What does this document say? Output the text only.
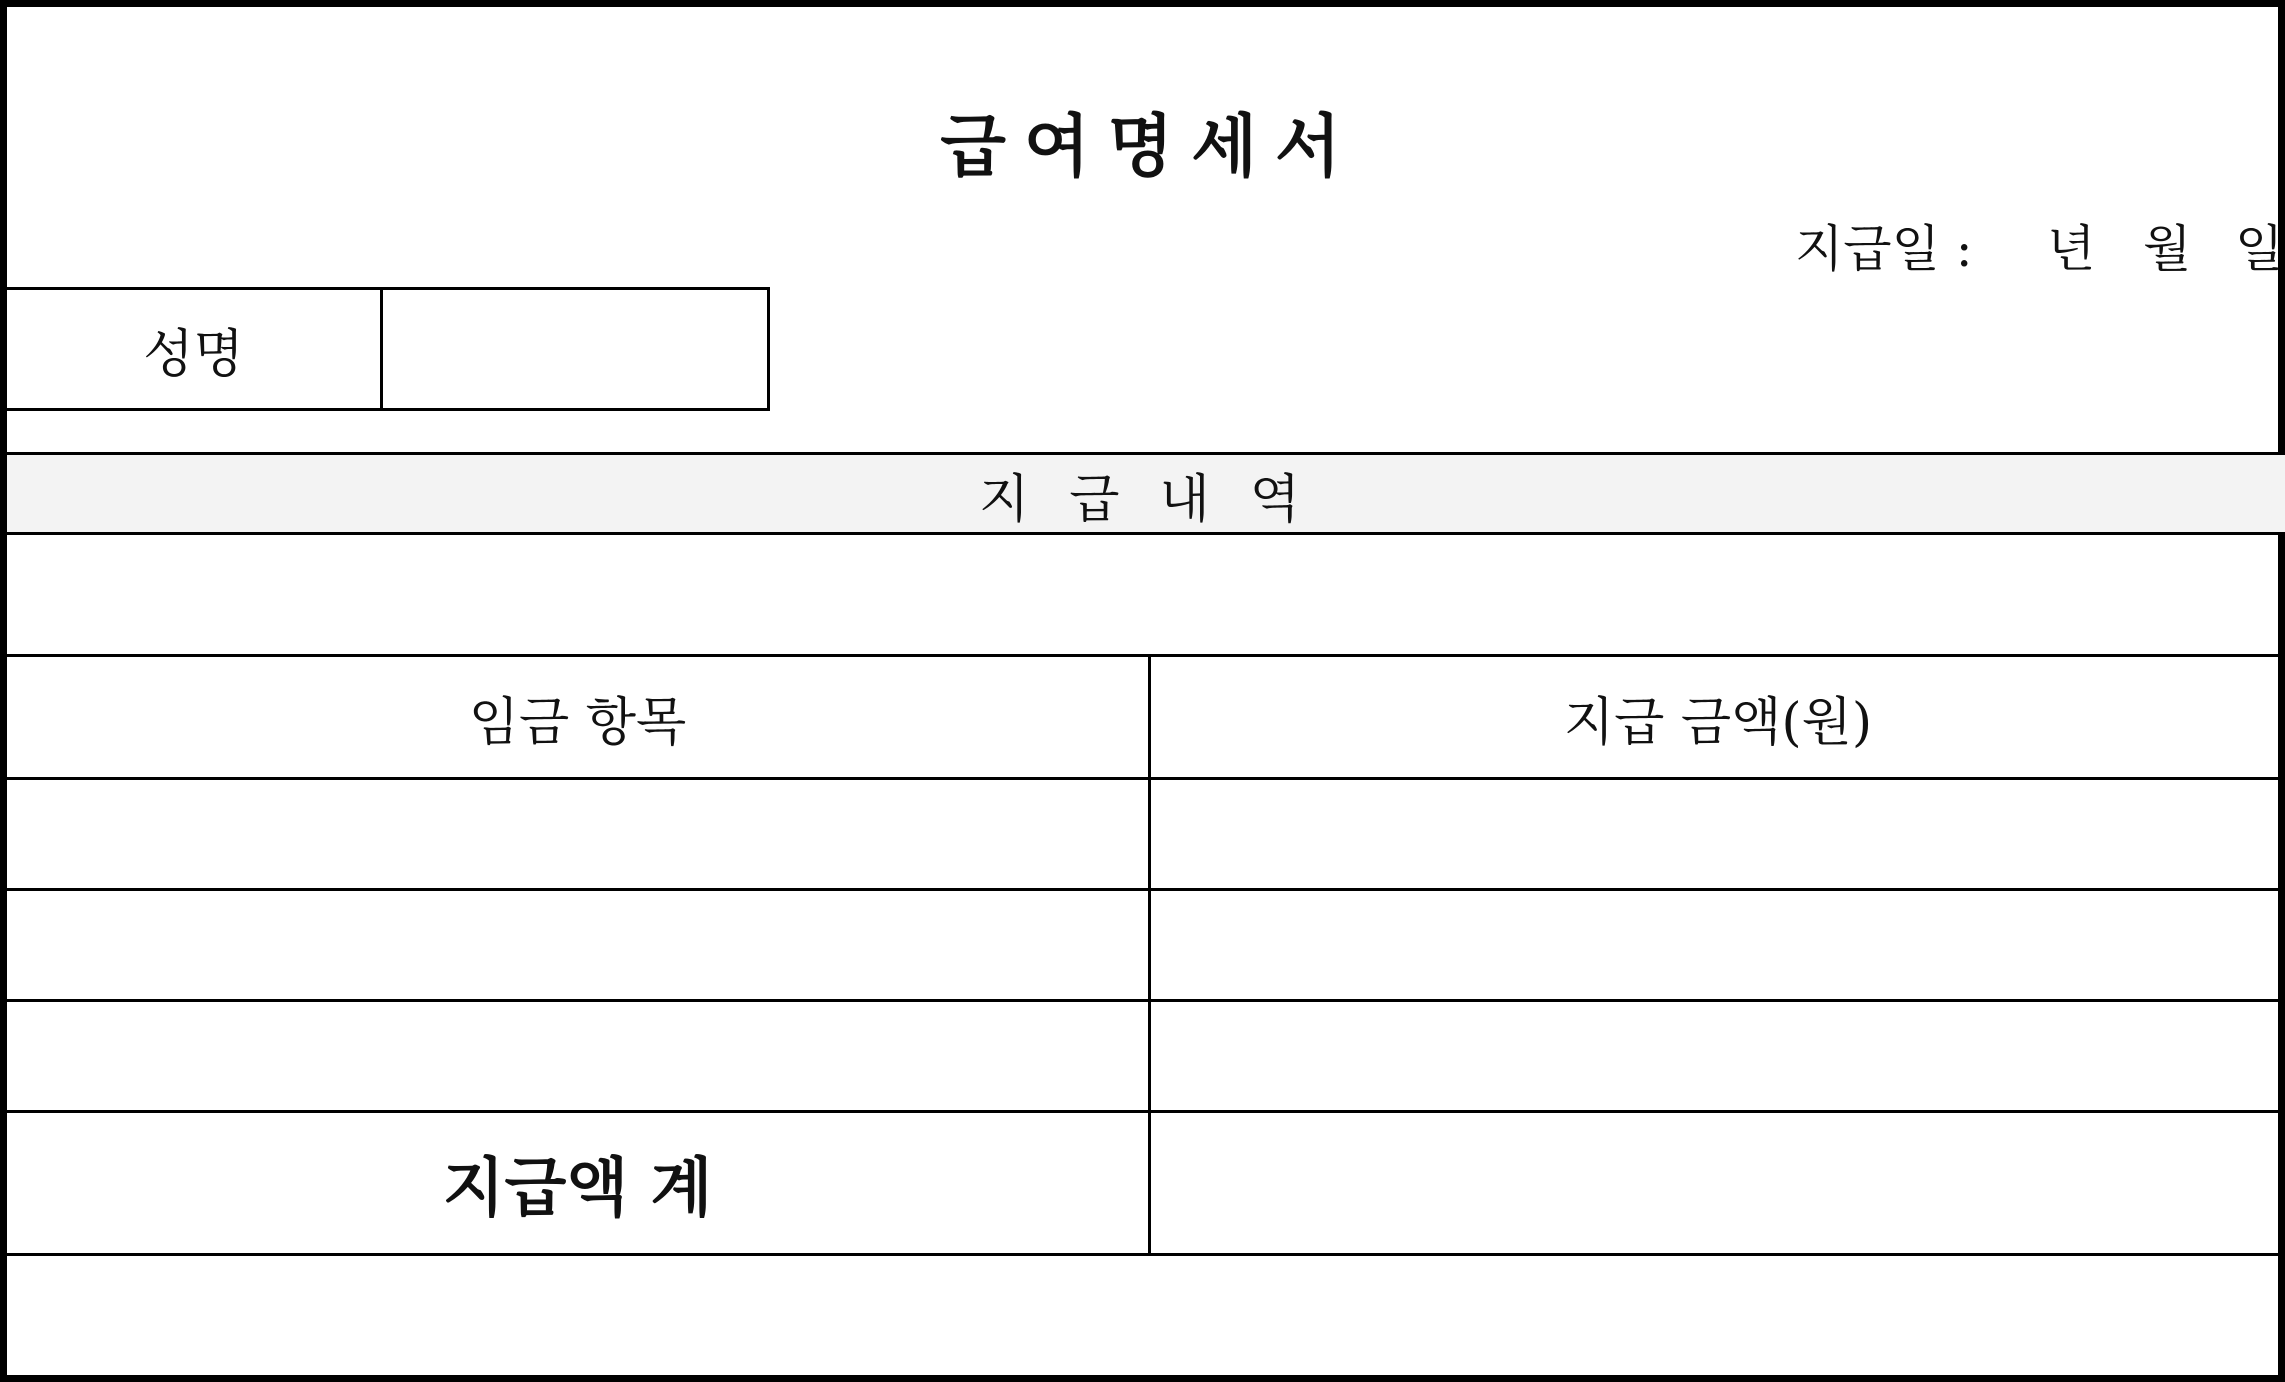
급여명세서
지급일 : 년 월 일
성명
지급내역
임금 항목	지급 금액(원)
지급액 계
